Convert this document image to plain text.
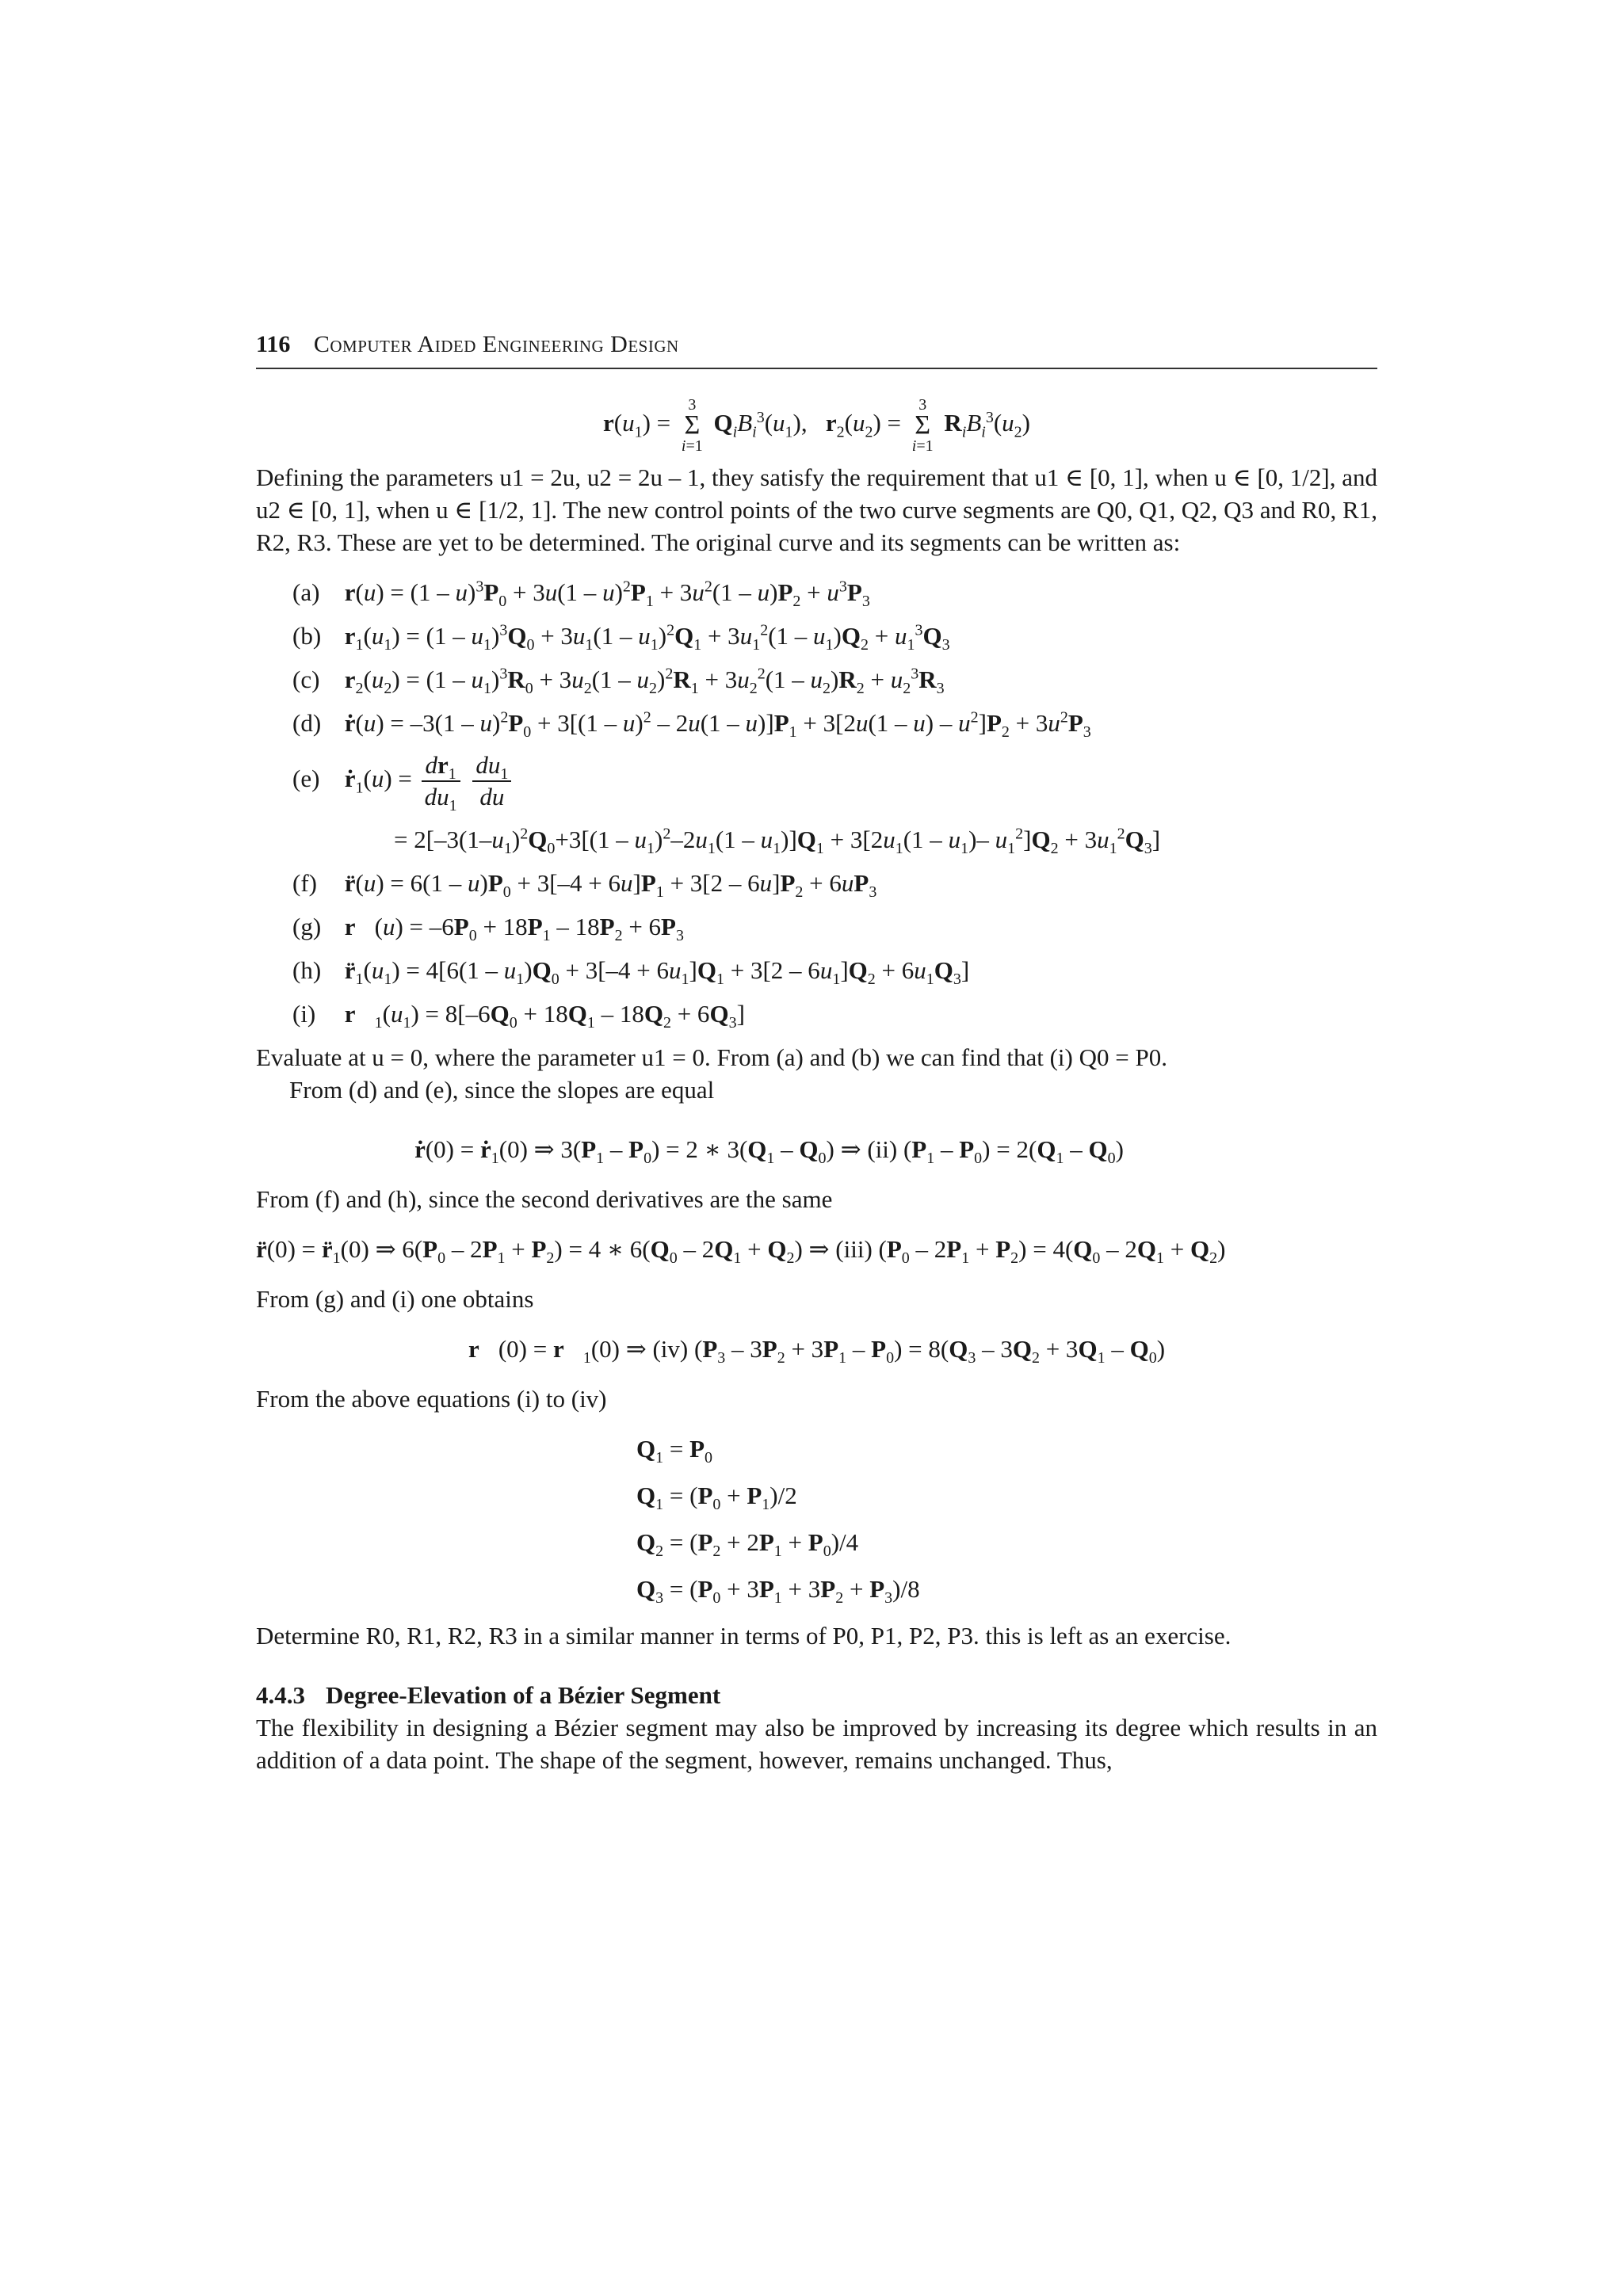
116 Computer Aided Engineering Design
$r(u_1)$ =
3
Σ
i=1
$Q_iB_i^3(u_1)$,   $r_2(u_2)$ =
3
Σ
i=1
$R_iB_i^3(u_2)$

Defining the parameters u1 = 2u, u2 = 2u – 1, they satisfy the requirement that u1 ∈ [0, 1], when u ∈ [0, 1/2], and u2 ∈ [0, 1], when u ∈ [1/2, 1]. The new control points of the two curve segments are Q0, Q1, Q2, Q3 and R0, R1, R2, R3. These are yet to be determined. The original curve and its segments can be written as:

(a) $r(u) = (1 - u)^3P_0 + 3u(1 - u)^2P_1 + 3u^2(1 - u)P_2 + u^3P_3$
(b) $r_1(u_1) = (1 - u_1)^3Q_0 + 3u_1(1 - u_1)^2Q_1 + 3u_1^2(1 - u_1)Q_2 + u_1^3Q_3$
(c) $r_2(u_2) = (1 - u_1)^3R_0 + 3u_2(1 - u_2)^2R_1 + 3u_2^2(1 - u_2)R_2 + u_2^3R_3$
(d) ṙ(u) = $-3(1 - u)^2P_0 + 3[(1 - u)^2 - 2u(1 - u)]P_1 + 3[2u(1 - u) - u^2]P_2 + 3u^2P_3$
(e) ṙ$_1$(u) = $\frac{dr_1}{du_1}$
$\frac{du_1}{du}$
= $2[-3(1-u_1)^2Q_0+3[(1 - u_1)^2-2u_1(1 - u_1)]Q_1 + 3[2u_1(1 - u_1)-$ $u_1^2]Q_2 + 3u_1^2Q_3$]
(f) r̈(u) = $6(1 - u)P_0 + 3[-4 + 6u]P_1 + 3[2 - 6u]P_2 + 6uP_3$
(g) r⃛(u) = $-6P_0 + 18P_1 - 18P_2 + 6P_3$
(h) $r̈_1(u_1) = 4[6(1 - u_1)Q_0 + 3[-4 + 6u_1]Q_1 + 3[2 - 6u_1]Q_2 + 6u_1Q_3]$
(i) $r⃛_1(u_1) = 8[-6Q_0 + 18Q_1 - 18Q_2 + 6Q_3]$

Evaluate at u = 0, where the parameter u1 = 0. From (a) and (b) we can find that (i) Q0 = P0.

From (d) and (e), since the slopes are equal

ṙ(0) = ṙ$_1$(0) ⇒ $3(P_1 - P_0) = 2$ ∗ $3(Q_1 - Q_0)$ ⇒ (ii) $(P_1 - P_0) = 2(Q_1 - Q_0)$

From (f) and (h), since the second derivatives are the same

r̈(0) = $r̈_1(0)$ ⇒ $6(P_0 - 2P_1 + P_2) = 4$ ∗ $6(Q_0 - 2Q_1 + Q_2)$ ⇒ (iii) $(P_0 - 2P_1 + P_2) = 4(Q_0 - 2Q_1 + Q_2)$

From (g) and (i) one obtains

r⃛(0) = $r⃛_1(0)$ ⇒ (iv) $(P_3 - 3P_2 + 3P_1 - P_0) = 8(Q_3 - 3Q_2 + 3Q_1 - Q_0)$

From the above equations (i) to (iv)

$Q_1 = P_0$
$Q_1 = (P_0 + P_1)/2$
$Q_2 = (P_2 + 2P_1 + P_0)/4$
$Q_3 = (P_0 + 3P_1 + 3P_2 + P_3)/8$

Determine R0, R1, R2, R3 in a similar manner in terms of P0, P1, P2, P3. this is left as an exercise.

4.4.3 Degree-Elevation of a Bézier Segment

The flexibility in designing a Bézier segment may also be improved by increasing its degree which results in an addition of a data point. The shape of the segment, however, remains unchanged. Thus,
